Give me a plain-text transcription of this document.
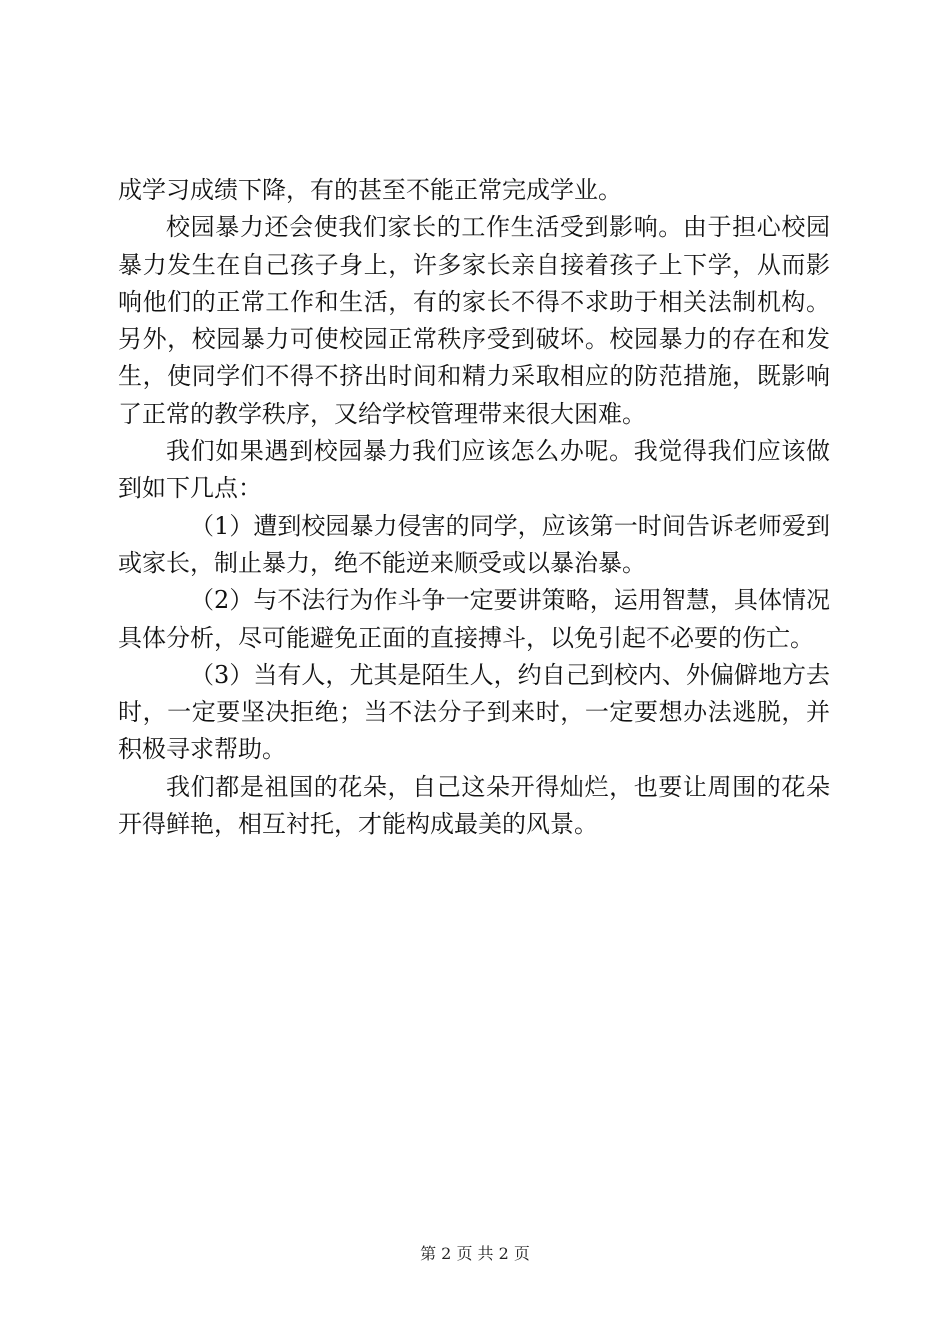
成学习成绩下降，有的甚至不能正常完成学业。

校园暴力还会使我们家长的工作生活受到影响。由于担心校园暴力发生在自己孩子身上，许多家长亲自接着孩子上下学，从而影响他们的正常工作和生活，有的家长不得不求助于相关法制机构。另外，校园暴力可使校园正常秩序受到破坏。校园暴力的存在和发生，使同学们不得不挤出时间和精力采取相应的防范措施，既影响了正常的教学秩序，又给学校管理带来很大困难。

我们如果遇到校园暴力我们应该怎么办呢。我觉得我们应该做到如下几点：

（1）遭到校园暴力侵害的同学，应该第一时间告诉老师爱到或家长，制止暴力，绝不能逆来顺受或以暴治暴。

（2）与不法行为作斗争一定要讲策略，运用智慧，具体情况具体分析，尽可能避免正面的直接搏斗，以免引起不必要的伤亡。

（3）当有人，尤其是陌生人，约自己到校内、外偏僻地方去时，一定要坚决拒绝；当不法分子到来时，一定要想办法逃脱，并积极寻求帮助。

我们都是祖国的花朵，自己这朵开得灿烂，也要让周围的花朵开得鲜艳，相互衬托，才能构成最美的风景。

第 2 页 共 2 页
